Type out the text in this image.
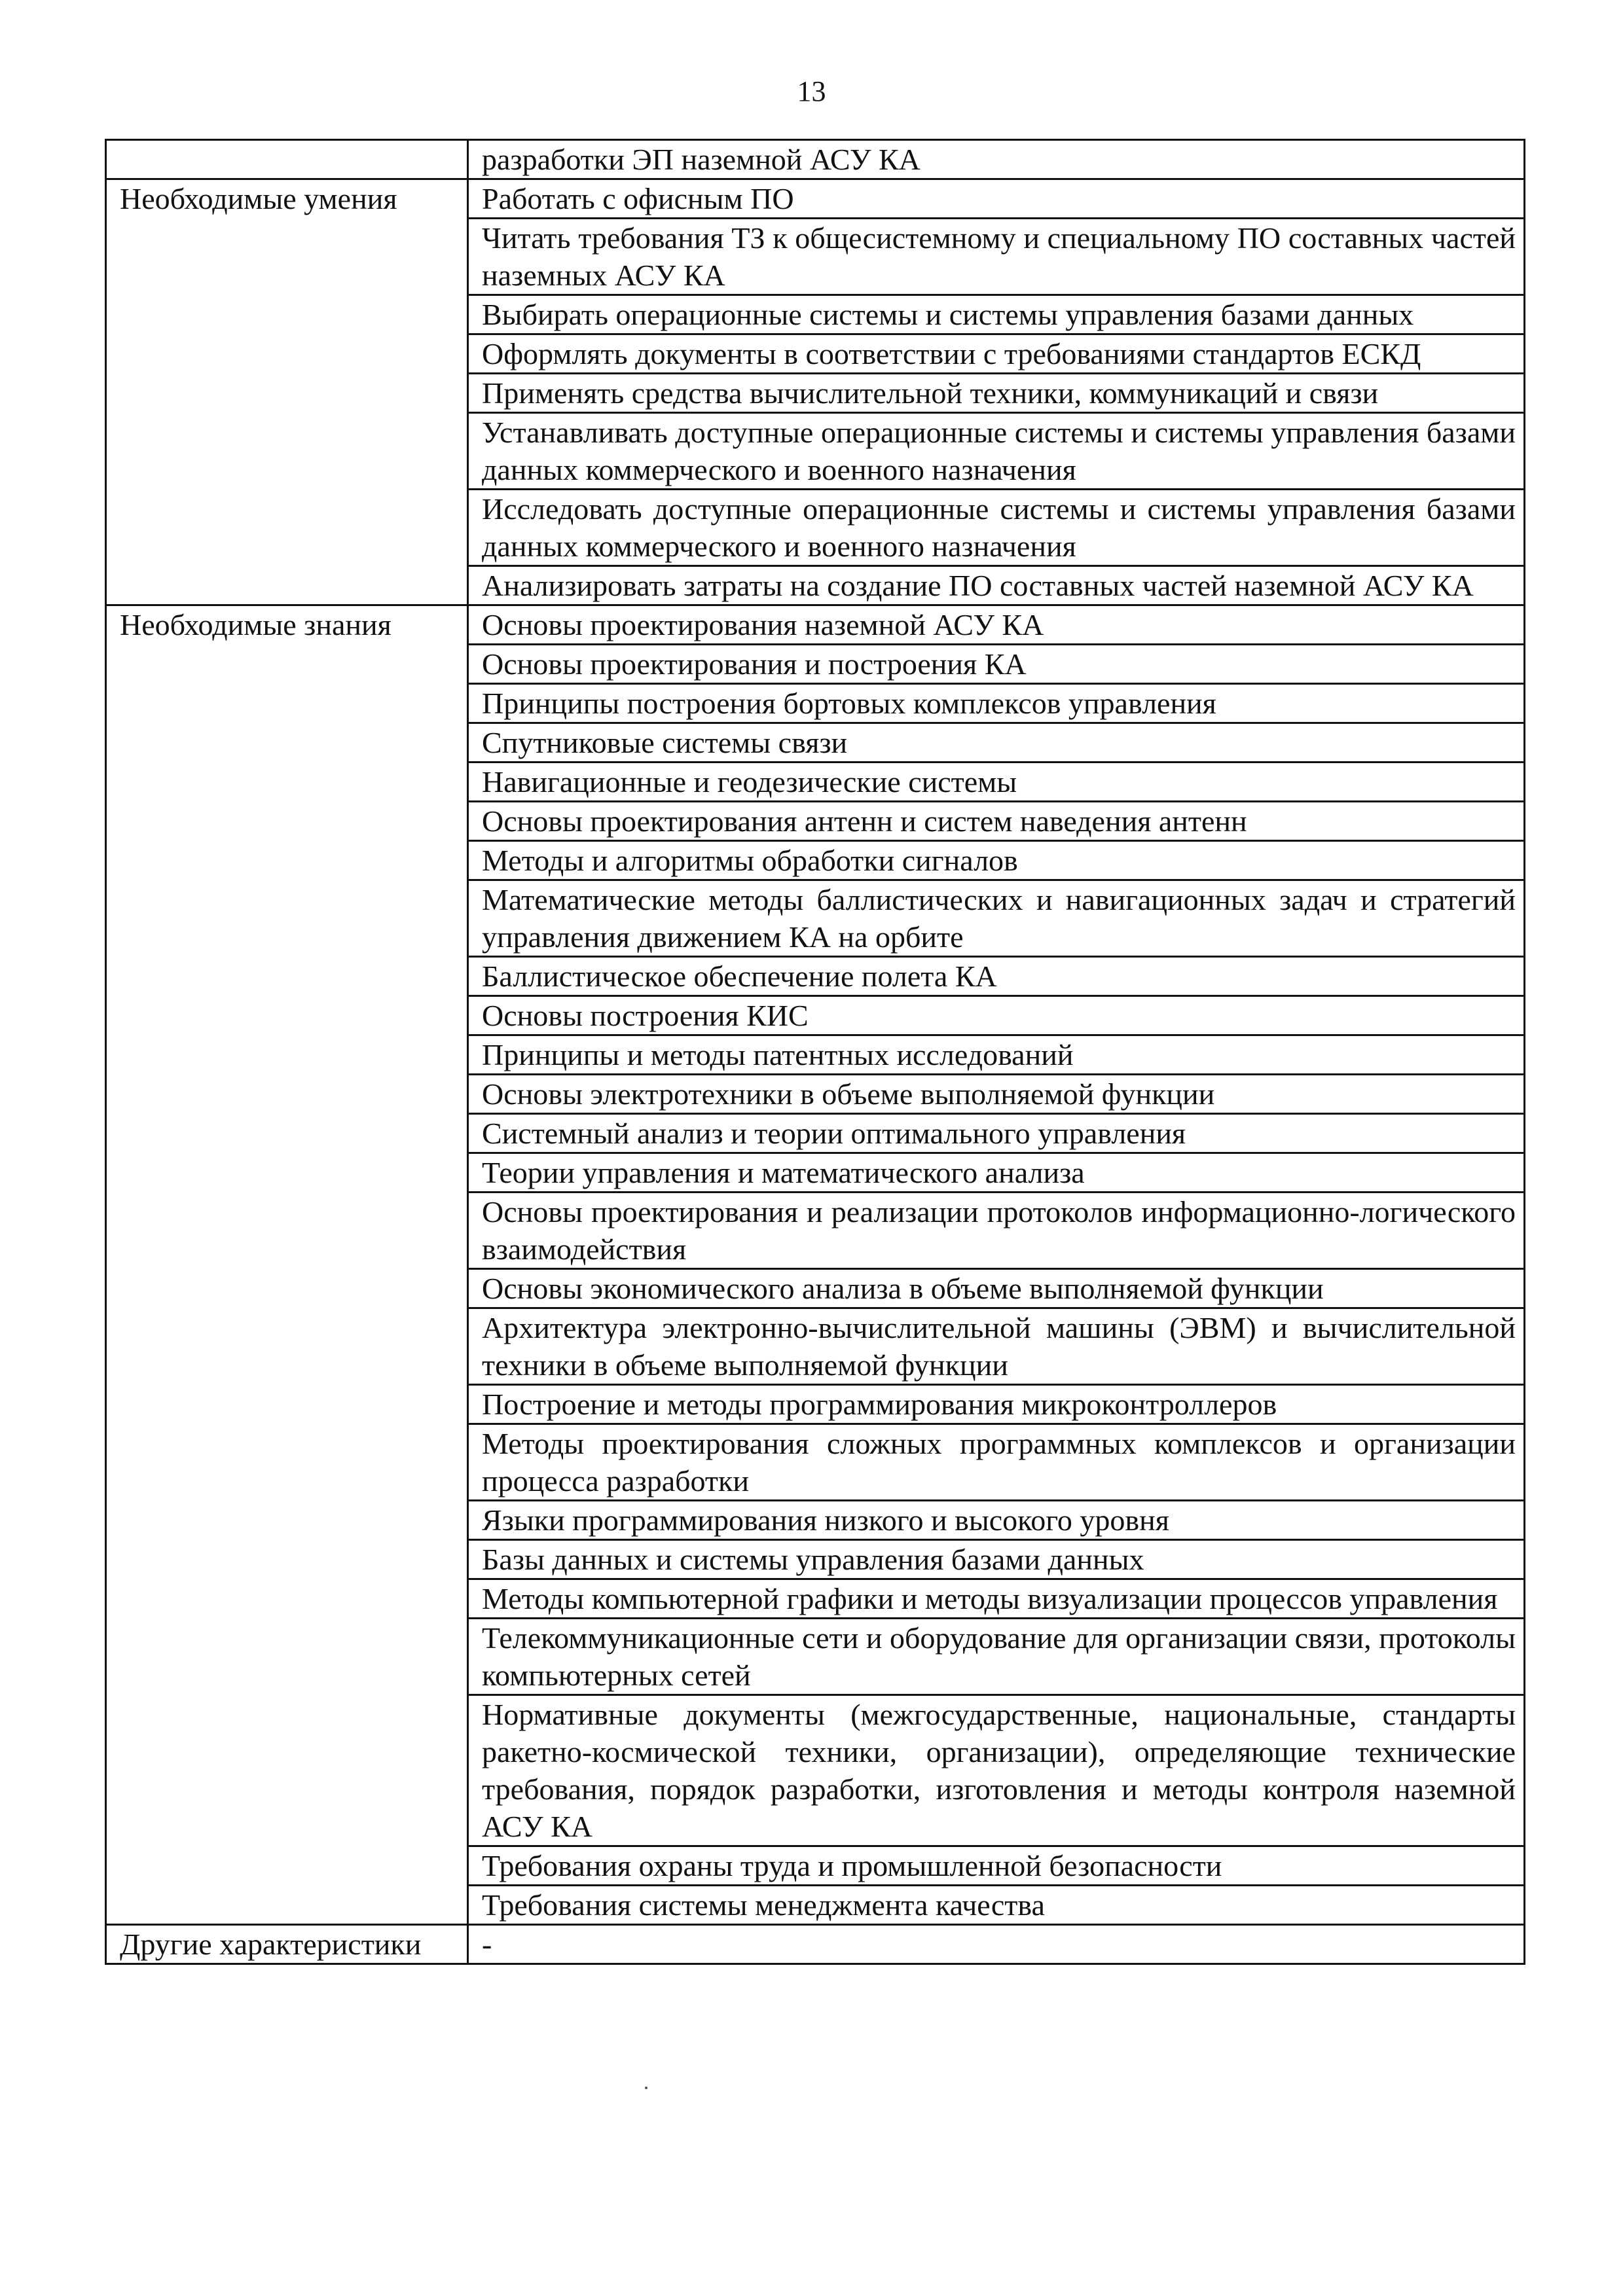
13
	разработки ЭП наземной АСУ КА
Необходимые умения	Работать с офисным ПО
	Читать требования ТЗ к общесистемному и специальному ПО составных частей наземных АСУ КА
	Выбирать операционные системы и системы управления базами данных
	Оформлять документы в соответствии с требованиями стандартов ЕСКД
	Применять средства вычислительной техники, коммуникаций и связи
	Устанавливать доступные операционные системы и системы управления базами данных коммерческого и военного назначения
	Исследовать доступные операционные системы и системы управления базами данных коммерческого и военного назначения
	Анализировать затраты на создание ПО составных частей наземной АСУ КА
Необходимые знания	Основы проектирования наземной АСУ КА
	Основы проектирования и построения КА
	Принципы построения бортовых комплексов управления
	Спутниковые системы связи
	Навигационные и геодезические системы
	Основы проектирования антенн и систем наведения антенн
	Методы и алгоритмы обработки сигналов
	Математические методы баллистических и навигационных задач и стратегий управления движением КА на орбите
	Баллистическое обеспечение полета КА
	Основы построения КИС
	Принципы и методы патентных исследований
	Основы электротехники в объеме выполняемой функции
	Системный анализ и теории оптимального управления
	Теории управления и математического анализа
	Основы проектирования и реализации протоколов информационно-логического взаимодействия
	Основы экономического анализа в объеме выполняемой функции
	Архитектура электронно-вычислительной машины (ЭВМ) и вычислительной техники в объеме выполняемой функции
	Построение и методы программирования микроконтроллеров
	Методы проектирования сложных программных комплексов и организации процесса разработки
	Языки программирования низкого и высокого уровня
	Базы данных и системы управления базами данных
	Методы компьютерной графики и методы визуализации процессов управления
	Телекоммуникационные сети и оборудование для организации связи, протоколы компьютерных сетей
	Нормативные документы (межгосударственные, национальные, стандарты ракетно-космической техники, организации), определяющие технические требования, порядок разработки, изготовления и методы контроля наземной АСУ КА
	Требования охраны труда и промышленной безопасности
	Требования системы менеджмента качества
Другие характеристики	-
